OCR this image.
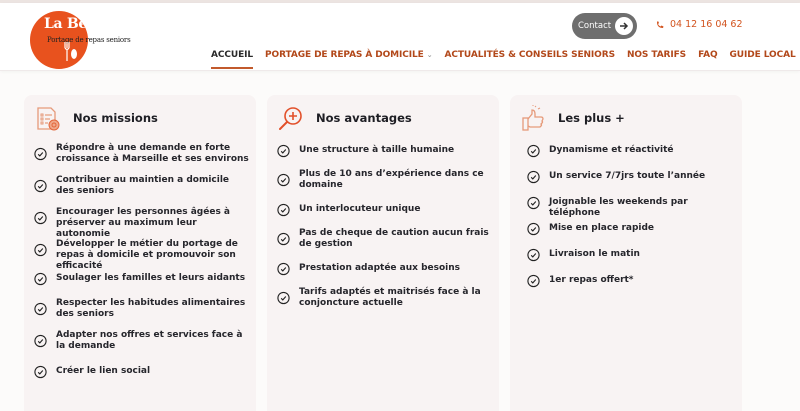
La Bella Vita
Portage de repas seniors
Contact	04 12 16 04 62
ACCUEIL PORTAGE DE REPAS À DOMICILE ⌄ ACTUALITÉS & CONSEILS SENIORS NOS TARIFS FAQ GUIDE LOCAL
Nos missions
Répondre à une demande en forte croissance à Marseille et ses environs
Contribuer au maintien a domicile des seniors
Encourager les personnes âgées à préserver au maximum leur autonomie
Développer le métier du portage de repas à domicile et promouvoir son efficacité
Soulager les familles et leurs aidants
Respecter les habitudes alimentaires des seniors
Adapter nos offres et services face à la demande
Créer le lien social
Nos avantages
Une structure à taille humaine
Plus de 10 ans d’expérience dans ce domaine
Un interlocuteur unique
Pas de cheque de caution aucun frais de gestion
Prestation adaptée aux besoins
Tarifs adaptés et maitrisés face à la conjoncture actuelle
Les plus +
Dynamisme et réactivité
Un service 7/7jrs toute l’année
Joignable les weekends par téléphone
Mise en place rapide
Livraison le matin
1er repas offert*
